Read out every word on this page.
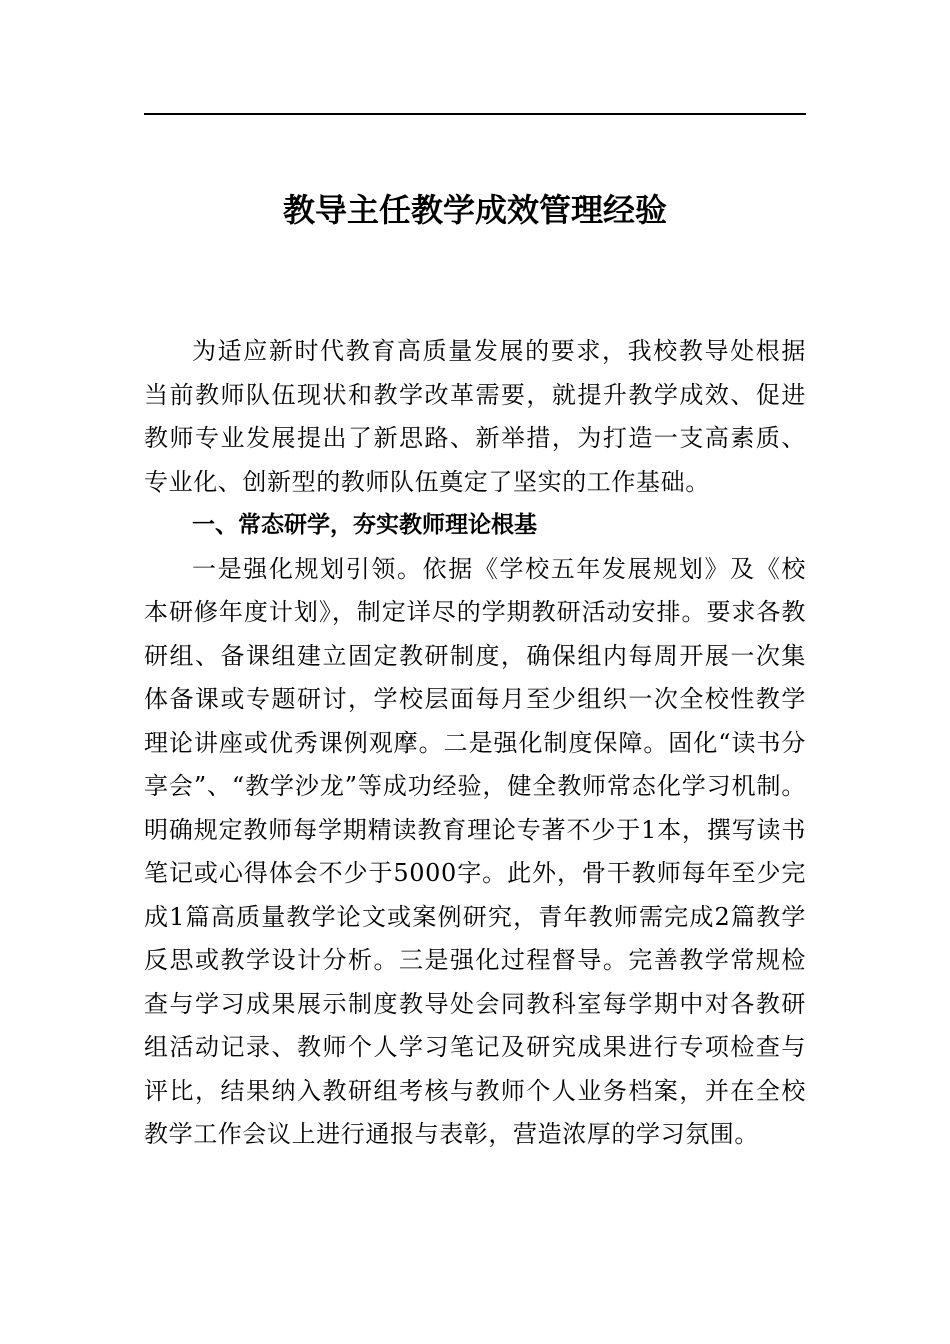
教导主任教学成效管理经验

为适应新时代教育高质量发展的要求，我校教导处根据当前教师队伍现状和教学改革需要，就提升教学成效、促进教师专业发展提出了新思路、新举措，为打造一支高素质、专业化、创新型的教师队伍奠定了坚实的工作基础。

一、常态研学，夯实教师理论根基

一是强化规划引领。依据《学校五年发展规划》及《校本研修年度计划》，制定详尽的学期教研活动安排。要求各教研组、备课组建立固定教研制度，确保组内每周开展一次集体备课或专题研讨，学校层面每月至少组织一次全校性教学理论讲座或优秀课例观摩。二是强化制度保障。固化“读书分享会”、“教学沙龙”等成功经验，健全教师常态化学习机制。明确规定教师每学期精读教育理论专著不少于1本，撰写读书笔记或心得体会不少于5000字。此外，骨干教师每年至少完成1篇高质量教学论文或案例研究，青年教师需完成2篇教学反思或教学设计分析。三是强化过程督导。完善教学常规检查与学习成果展示制度教导处会同教科室每学期中对各教研组活动记录、教师个人学习笔记及研究成果进行专项检查与评比，结果纳入教研组考核与教师个人业务档案，并在全校教学工作会议上进行通报与表彰，营造浓厚的学习氛围。
